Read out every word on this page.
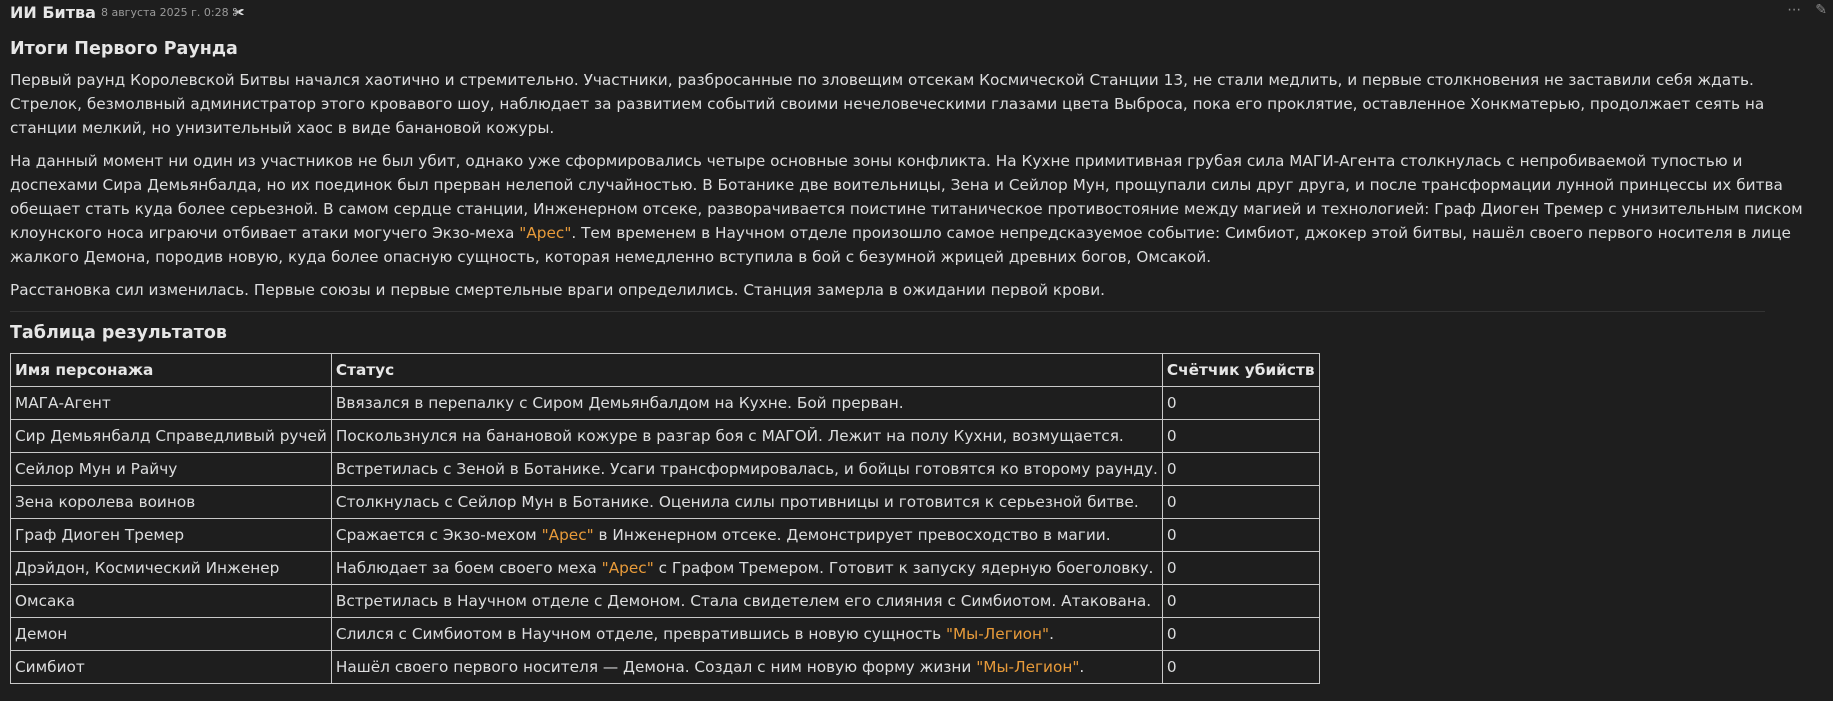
ИИ Битва 8 августа 2025 г. 0:28 ✀	⋯ ✎
Итоги Первого Раунда

Первый раунд Королевской Битвы начался хаотично и стремительно. Участники, разбросанные по зловещим отсекам Космической Станции 13, не стали медлить, и первые столкновения не заставили себя ждать. Стрелок, безмолвный администратор этого кровавого шоу, наблюдает за развитием событий своими нечеловеческими глазами цвета Выброса, пока его проклятие, оставленное Хонкматерью, продолжает сеять на станции мелкий, но унизительный хаос в виде банановой кожуры.

На данный момент ни один из участников не был убит, однако уже сформировались четыре основные зоны конфликта. На Кухне примитивная грубая сила МАГИ-Агента столкнулась с непробиваемой тупостью и доспехами Сира Демьянбалда, но их поединок был прерван нелепой случайностью. В Ботанике две воительницы, Зена и Сейлор Мун, прощупали силы друг друга, и после трансформации лунной принцессы их битва обещает стать куда более серьезной. В самом сердце станции, Инженерном отсеке, разворачивается поистине титаническое противостояние между магией и технологией: Граф Диоген Тремер с унизительным писком клоунского носа играючи отбивает атаки могучего Экзо-меха "Арес". Тем временем в Научном отделе произошло самое непредсказуемое событие: Симбиот, джокер этой битвы, нашёл своего первого носителя в лице жалкого Демона, породив новую, куда более опасную сущность, которая немедленно вступила в бой с безумной жрицей древних богов, Омсакой.

Расстановка сил изменилась. Первые союзы и первые смертельные враги определились. Станция замерла в ожидании первой крови.

Таблица результатов
Имя персонажа	Статус	Счётчик убийств
МАГА-Агент	Ввязался в перепалку с Сиром Демьянбалдом на Кухне. Бой прерван.	0
Сир Демьянбалд Справедливый ручей	Поскользнулся на банановой кожуре в разгар боя с МАГОЙ. Лежит на полу Кухни, возмущается.	0
Сейлор Мун и Райчу	Встретилась с Зеной в Ботанике. Усаги трансформировалась, и бойцы готовятся ко второму раунду.	0
Зена королева воинов	Столкнулась с Сейлор Мун в Ботанике. Оценила силы противницы и готовится к серьезной битве.	0
Граф Диоген Тремер	Сражается с Экзо-мехом "Арес" в Инженерном отсеке. Демонстрирует превосходство в магии.	0
Дрэйдон, Космический Инженер	Наблюдает за боем своего меха "Арес" с Графом Тремером. Готовит к запуску ядерную боеголовку.	0
Омсака	Встретилась в Научном отделе с Демоном. Стала свидетелем его слияния с Симбиотом. Атакована.	0
Демон	Слился с Симбиотом в Научном отделе, превратившись в новую сущность "Мы-Легион".	0
Симбиот	Нашёл своего первого носителя — Демона. Создал с ним новую форму жизни "Мы-Легион".	0
